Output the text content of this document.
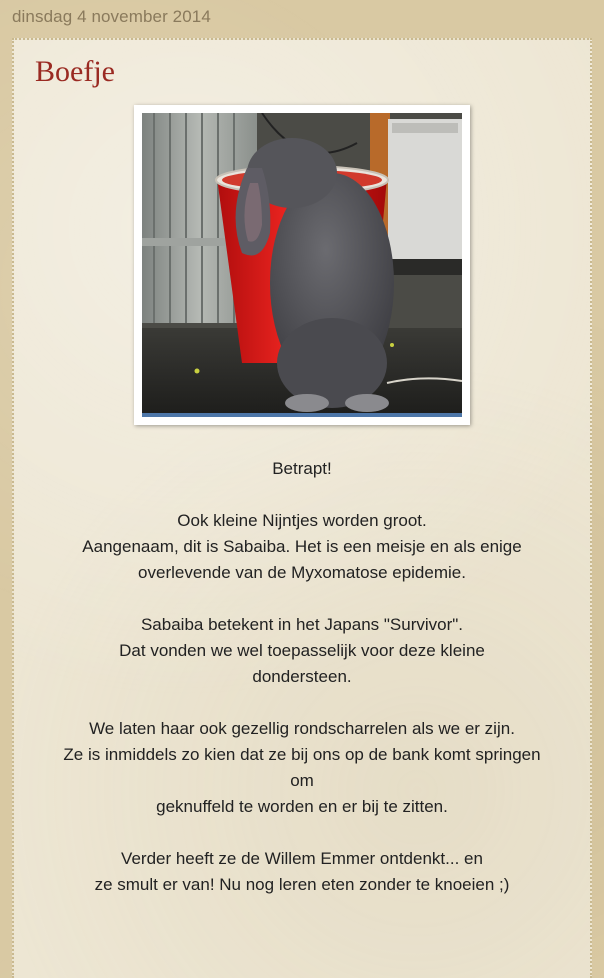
dinsdag 4 november 2014
Boefje

Betrapt!

Ook kleine Nijntjes worden groot.

Aangenaam, dit is Sabaiba. Het is een meisje en als enige

overlevende van de Myxomatose epidemie.

Sabaiba betekent in het Japans "Survivor".

Dat vonden we wel toepasselijk voor deze kleine

dondersteen.

We laten haar ook gezellig rondscharrelen als we er zijn.

Ze is inmiddels zo kien dat ze bij ons op de bank komt springen

om

geknuffeld te worden en er bij te zitten.

Verder heeft ze de Willem Emmer ontdenkt... en

ze smult er van! Nu nog leren eten zonder te knoeien ;)
